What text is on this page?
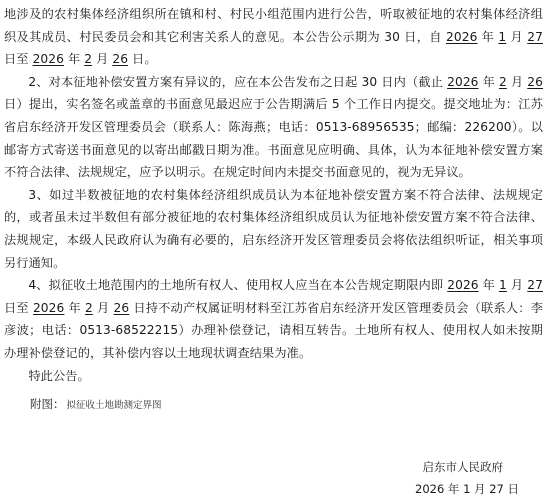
地涉及的农村集体经济组织所在镇和村、村民小组范围内进行公告，听取被征地的农村集体经济组织及其成员、村民委员会和其它利害关系人的意见。本公告公示期为 30 日，自 2026 年 1 月 27 日至 2026 年 2 月 26 日。

2、对本征地补偿安置方案有异议的，应在本公告发布之日起 30 日内（截止 2026 年 2 月 26 日）提出，实名签名或盖章的书面意见最迟应于公告期满后 5 个工作日内提交。提交地址为：江苏省启东经济开发区管理委员会（联系人：陈海燕；电话：0513-68956535；邮编：226200）。以邮寄方式寄送书面意见的以寄出邮戳日期为准。书面意见应明确、具体，认为本征地补偿安置方案不符合法律、法规规定，应予以明示。在规定时间内未提交书面意见的，视为无异议。

3、如过半数被征地的农村集体经济组织成员认为本征地补偿安置方案不符合法律、法规规定的，或者虽未过半数但有部分被征地的农村集体经济组织成员认为征地补偿安置方案不符合法律、法规规定，本级人民政府认为确有必要的，启东经济开发区管理委员会将依法组织听证，相关事项另行通知。

4、拟征收土地范围内的土地所有权人、使用权人应当在本公告规定期限内即 2026 年 1 月 27 日至 2026 年 2 月 26 日持不动产权属证明材料至江苏省启东经济开发区管理委员会（联系人：李彦波；电话：0513-68522215）办理补偿登记，请相互转告。土地所有权人、使用权人如未按期办理补偿登记的，其补偿内容以土地现状调查结果为准。

特此公告。

附图： 拟征收土地勘测定界图
启东市人民政府
2026 年 1 月 27 日
